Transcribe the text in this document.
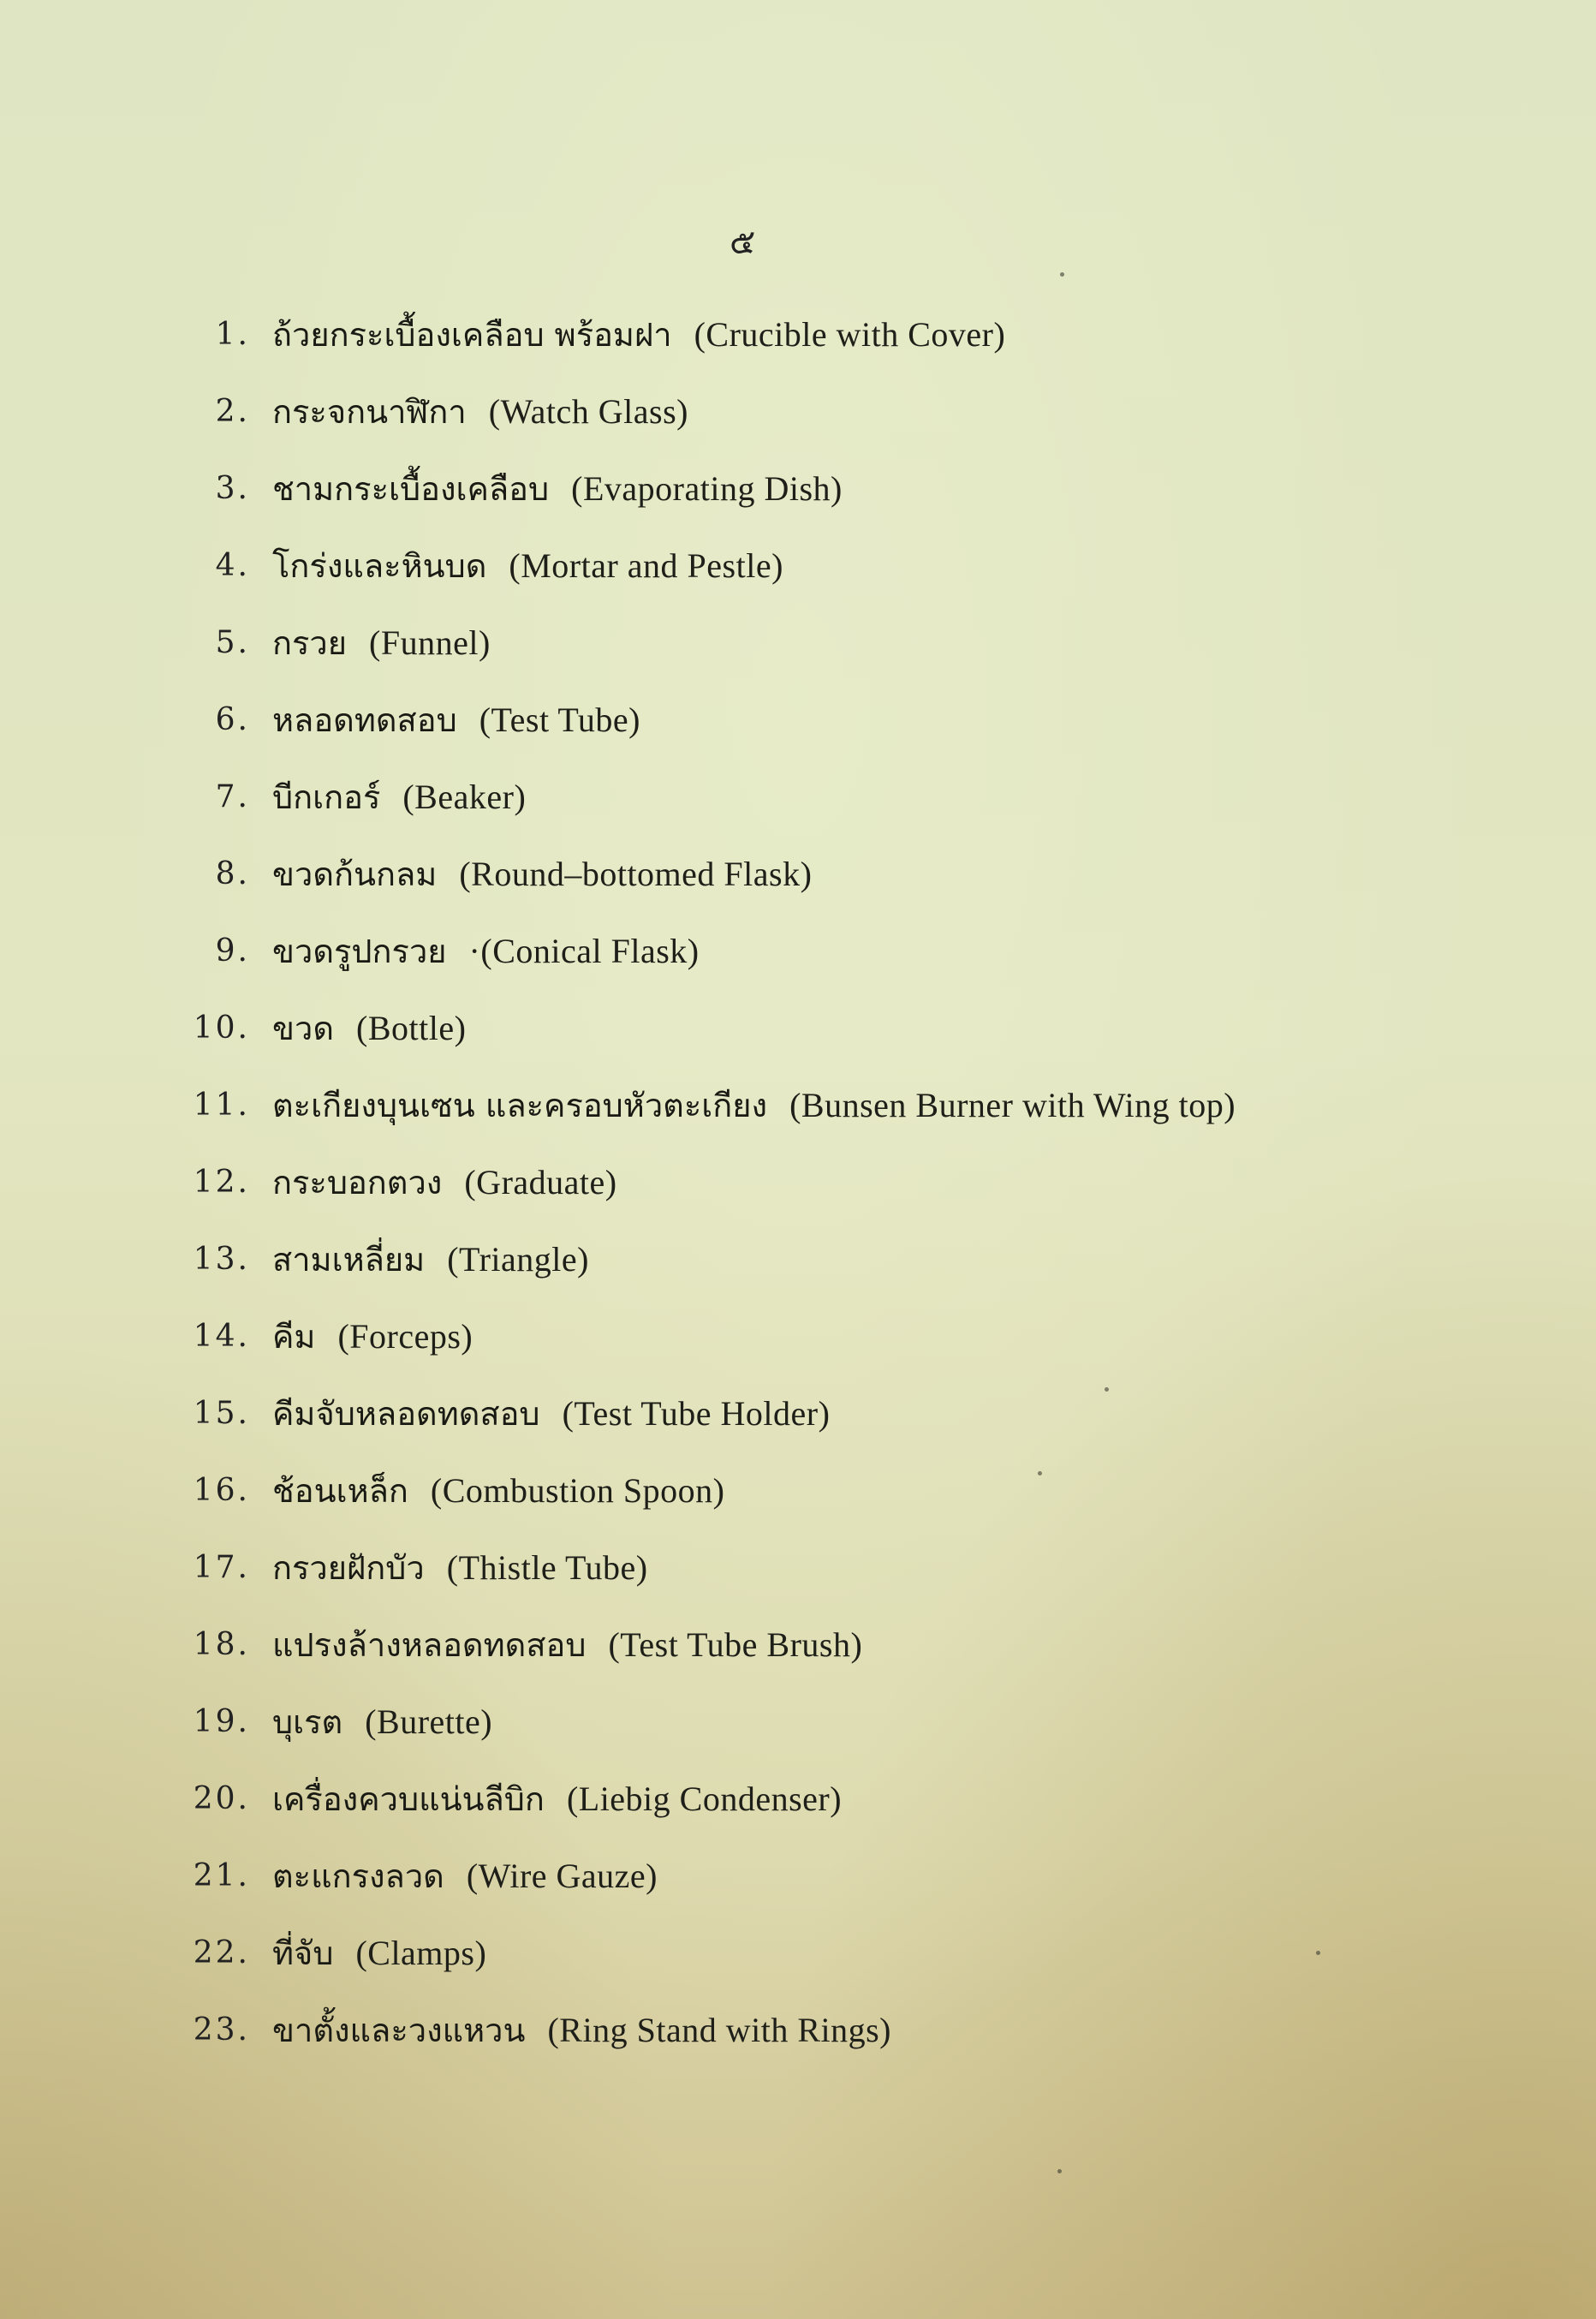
๕
1. ถ้วยกระเบื้องเคลือบ พร้อมฝา (Crucible with Cover)
2. กระจกนาฬิกา (Watch Glass)
3. ชามกระเบื้องเคลือบ (Evaporating Dish)
4. โกร่งและหินบด (Mortar and Pestle)
5. กรวย (Funnel)
6. หลอดทดสอบ (Test Tube)
7. บีกเกอร์ (Beaker)
8. ขวดก้นกลม (Round–bottomed Flask)
9. ขวดรูปกรวย ·(Conical Flask)
10. ขวด (Bottle)
11. ตะเกียงบุนเซน และครอบหัวตะเกียง (Bunsen Burner with Wing top)
12. กระบอกตวง (Graduate)
13. สามเหลี่ยม (Triangle)
14. คีม (Forceps)
15. คีมจับหลอดทดสอบ (Test Tube Holder)
16. ช้อนเหล็ก (Combustion Spoon)
17. กรวยฝักบัว (Thistle Tube)
18. แปรงล้างหลอดทดสอบ (Test Tube Brush)
19. บุเรต (Burette)
20. เครื่องควบแน่นลีบิก (Liebig Condenser)
21. ตะแกรงลวด (Wire Gauze)
22. ที่จับ (Clamps)
23. ขาตั้งและวงแหวน (Ring Stand with Rings)
